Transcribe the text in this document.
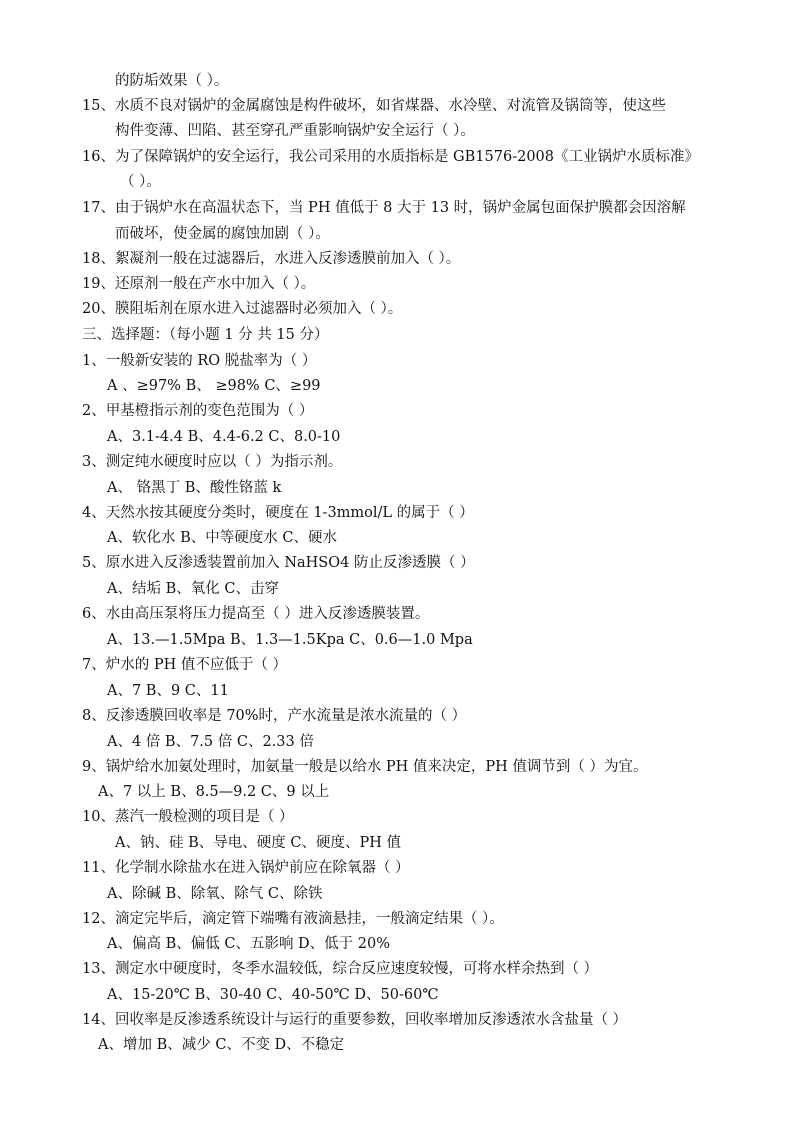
的防垢效果（ ）。
15、水质不良对锅炉的金属腐蚀是构件破坏，如省煤器、水冷壁、对流管及锅筒等，使这些
构件变薄、凹陷、甚至穿孔严重影响锅炉安全运行（ ）。
16、为了保障锅炉的安全运行，我公司采用的水质指标是 GB1576-2008《工业锅炉水质标准》
（ ）。
17、由于锅炉水在高温状态下，当 PH 值低于 8 大于 13 时，锅炉金属包面保护膜都会因溶解
而破坏，使金属的腐蚀加剧（ ）。
18、絮凝剂一般在过滤器后，水进入反渗透膜前加入（ ）。
19、还原剂一般在产水中加入（ ）。
20、膜阻垢剂在原水进入过滤器时必须加入（ ）。
三、选择题：（每小题 1 分 共 15 分）
1、一般新安装的 RO 脱盐率为（ ）
A 、≥97% B、 ≥98% C、≥99
2、甲基橙指示剂的变色范围为（ ）
A、3.1-4.4 B、4.4-6.2 C、8.0-10
3、测定纯水硬度时应以（ ）为指示剂。
A、 铬黑丁 B、酸性铬蓝 k
4、天然水按其硬度分类时，硬度在 1-3mmol/L 的属于（ ）
A、软化水 B、中等硬度水 C、硬水
5、原水进入反渗透装置前加入 NaHSO4 防止反渗透膜（ ）
A、结垢 B、氧化 C、击穿
6、水由高压泵将压力提高至（ ）进入反渗透膜装置。
A、13.—1.5Mpa B、1.3—1.5Kpa C、0.6—1.0 Mpa
7、炉水的 PH 值不应低于（ ）
A、7 B、9 C、11
8、反渗透膜回收率是 70%时，产水流量是浓水流量的（ ）
A、4 倍 B、7.5 倍 C、2.33 倍
9、锅炉给水加氨处理时，加氨量一般是以给水 PH 值来决定，PH 值调节到（ ）为宜。
A、7 以上 B、8.5—9.2 C、9 以上
10、蒸汽一般检测的项目是（ ）
A、钠、硅 B、导电、硬度 C、硬度、PH 值
11、化学制水除盐水在进入锅炉前应在除氧器（ ）
A、除碱 B、除氧、除气 C、除铁
12、滴定完毕后，滴定管下端嘴有液滴悬挂，一般滴定结果（ ）。
A、偏高 B、偏低 C、五影响 D、低于 20%
13、测定水中硬度时，冬季水温较低，综合反应速度较慢，可将水样余热到（ ）
A、15-20℃ B、30-40 C、40-50℃ D、50-60℃
14、回收率是反渗透系统设计与运行的重要参数，回收率增加反渗透浓水含盐量（ ）
A、增加 B、减少 C、不变 D、不稳定
